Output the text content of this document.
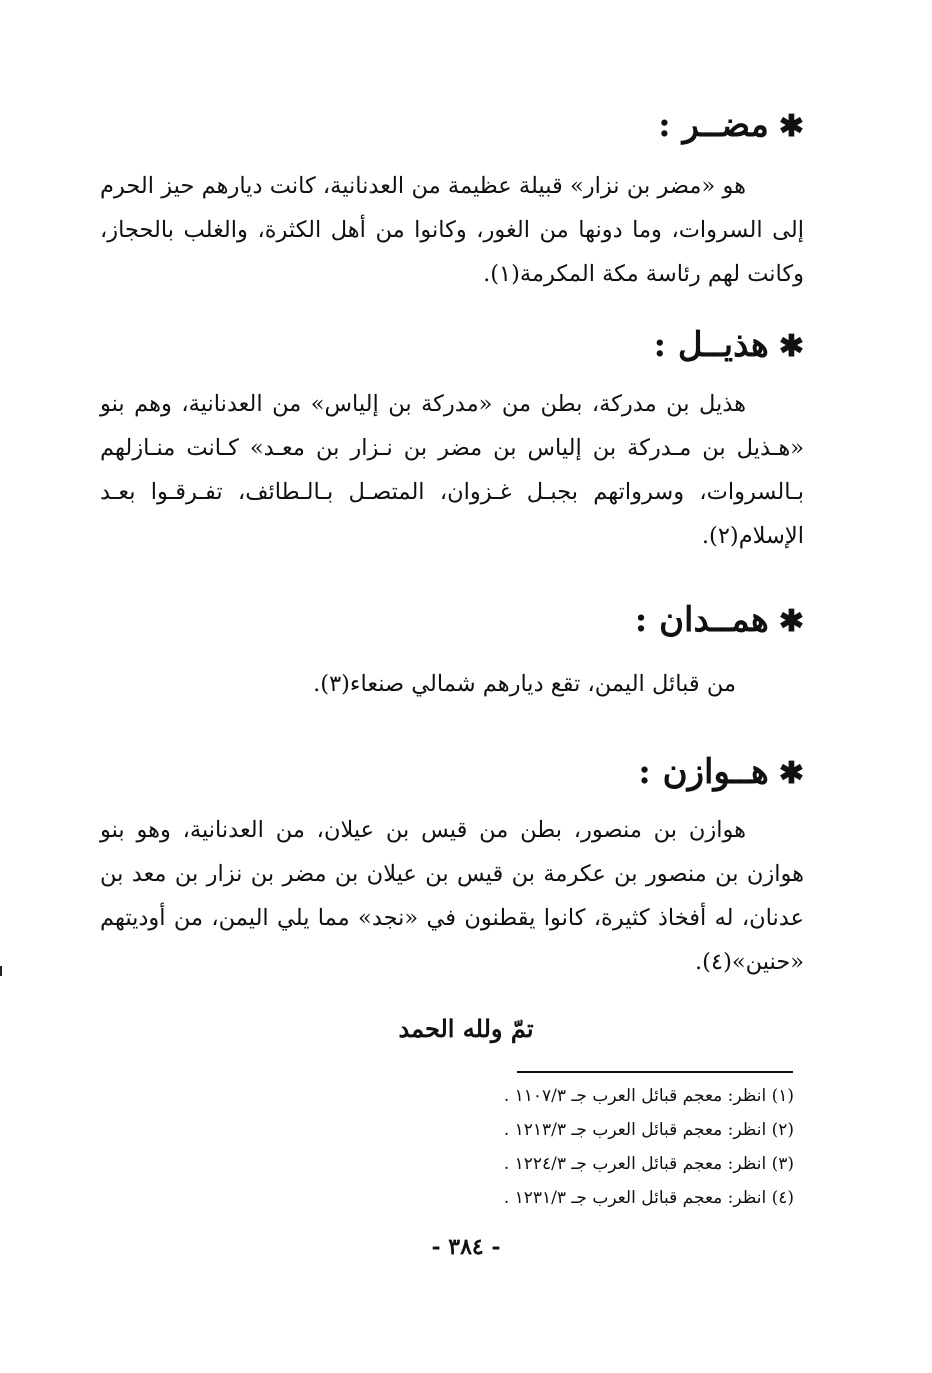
✱مضــر :

هو «مضر بن نزار» قبيلة عظيمة من العدنانية، كانت ديارهم حيز الحرم إلى السروات، وما دونها من الغور، وكانوا من أهل الكثرة، والغلب بالحجاز، وكانت لهم رئاسة مكة المكرمة(١).

✱هذيــل :

هذيل بن مدركة، بطن من «مدركة بن إلياس» من العدنانية، وهم بنو «هـذيل بن مـدركة بن إلياس بن مضر بن نـزار بن معـد» كـانت منـازلهم بـالسروات، وسرواتهم بجبـل غـزوان، المتصـل بـالـطائف، تفـرقـوا بعـد الإسلام(٢).

✱همــدان :

من قبائل اليمن، تقع ديارهم شمالي صنعاء(٣).

✱هــوازن :

هوازن بن منصور، بطن من قيس بن عيلان، من العدنانية، وهو بنو هوازن بن منصور بن عكرمة بن قيس بن عيلان بن مضر بن نزار بن معد بن عدنان، له أفخاذ كثيرة، كانوا يقطنون في «نجد» مما يلي اليمن، من أوديتهم «حنين»(٤).

تمّ ولله الحمد
(١) انظر: معجم قبائل العرب جـ ١١٠٧/٣ .
(٢) انظر: معجم قبائل العرب جـ ١٢١٣/٣ .
(٣) انظر: معجم قبائل العرب جـ ١٢٢٤/٣ .
(٤) انظر: معجم قبائل العرب جـ ١٢٣١/٣ .
- ٣٨٤ -
